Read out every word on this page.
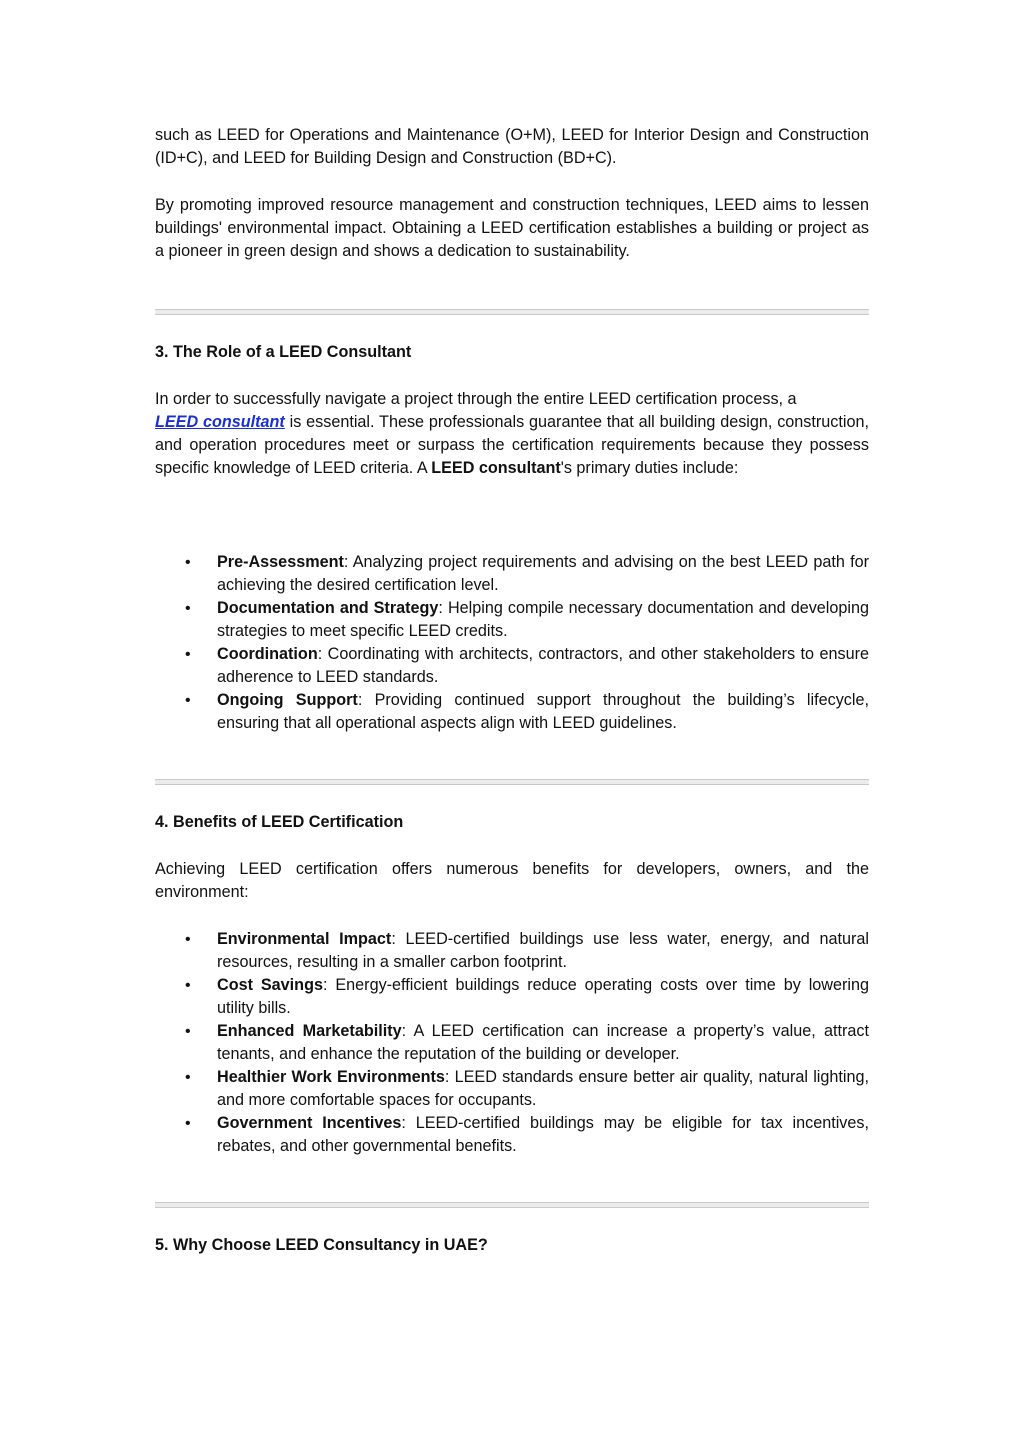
such as LEED for Operations and Maintenance (O+M), LEED for Interior Design and Construction (ID+C), and LEED for Building Design and Construction (BD+C).

By promoting improved resource management and construction techniques, LEED aims to lessen buildings' environmental impact. Obtaining a LEED certification establishes a building or project as a pioneer in green design and shows a dedication to sustainability.

3. The Role of a LEED Consultant

In order to successfully navigate a project through the entire LEED certification process, a
LEED consultant is essential. These professionals guarantee that all building design, construction, and operation procedures meet or surpass the certification requirements because they possess specific knowledge of LEED criteria. A LEED consultant's primary duties include:

• Pre-Assessment: Analyzing project requirements and advising on the best LEED path for achieving the desired certification level.
• Documentation and Strategy: Helping compile necessary documentation and developing strategies to meet specific LEED credits.
• Coordination: Coordinating with architects, contractors, and other stakeholders to ensure adherence to LEED standards.
• Ongoing Support: Providing continued support throughout the building’s lifecycle, ensuring that all operational aspects align with LEED guidelines.
4. Benefits of LEED Certification

Achieving LEED certification offers numerous benefits for developers, owners, and the environment:

• Environmental Impact: LEED-certified buildings use less water, energy, and natural resources, resulting in a smaller carbon footprint.
• Cost Savings: Energy-efficient buildings reduce operating costs over time by lowering utility bills.
• Enhanced Marketability: A LEED certification can increase a property’s value, attract tenants, and enhance the reputation of the building or developer.
• Healthier Work Environments: LEED standards ensure better air quality, natural lighting, and more comfortable spaces for occupants.
• Government Incentives: LEED-certified buildings may be eligible for tax incentives, rebates, and other governmental benefits.
5. Why Choose LEED Consultancy in UAE?
